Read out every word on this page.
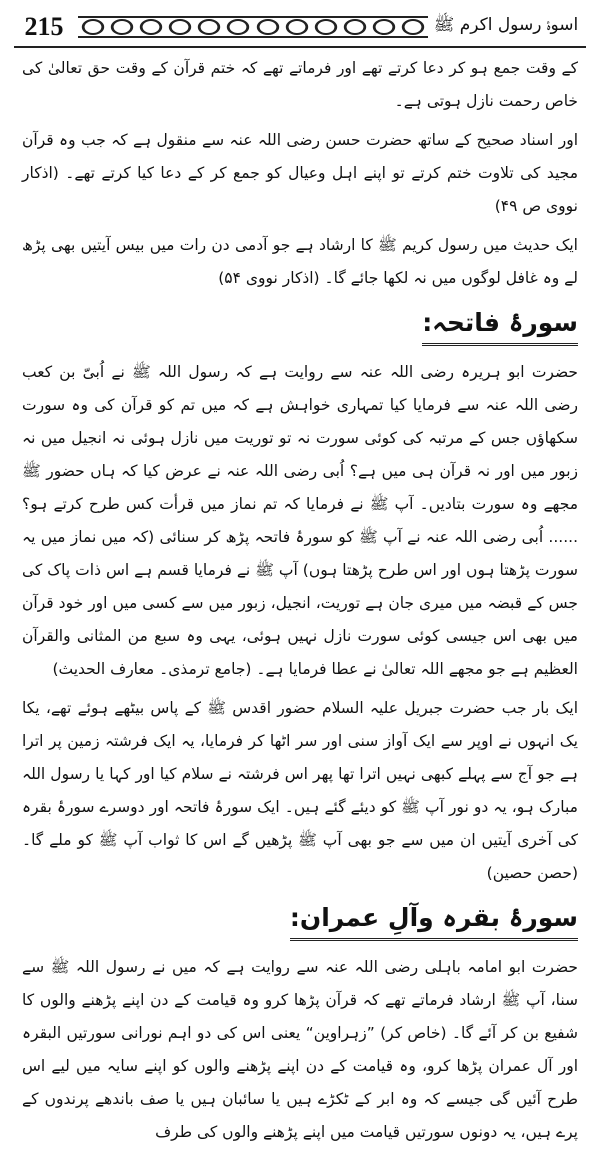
215	اسوۂ رسول اکرم ﷺ

کے وقت جمع ہو کر دعا کرتے تھے اور فرماتے تھے کہ ختم قرآن کے وقت حق تعالیٰ کی خاص رحمت نازل ہوتی ہے۔

اور اسناد صحیح کے ساتھ حضرت حسن رضی اللہ عنہ سے منقول ہے کہ جب وہ قرآن مجید کی تلاوت ختم کرتے تو اپنے اہل وعیال کو جمع کر کے دعا کیا کرتے تھے۔ (اذکار نووی ص ۴۹)

ایک حدیث میں رسول کریم ﷺ کا ارشاد ہے جو آدمی دن رات میں بیس آیتیں بھی پڑھ لے وہ غافل لوگوں میں نہ لکھا جائے گا۔ (اذکار نووی ۵۴)

سورۂ فاتحہ:

حضرت ابو ہریرہ رضی اللہ عنہ سے روایت ہے کہ رسول اللہ ﷺ نے اُبیّ بن کعب رضی اللہ عنہ سے فرمایا کیا تمہاری خواہش ہے کہ میں تم کو قرآن کی وہ سورت سکھاؤں جس کے مرتبہ کی کوئی سورت نہ تو توریت میں نازل ہوئی نہ انجیل میں نہ زبور میں اور نہ قرآن ہی میں ہے؟ اُبی رضی اللہ عنہ نے عرض کیا کہ ہاں حضور ﷺ مجھے وہ سورت بتادیں۔ آپ ﷺ نے فرمایا کہ تم نماز میں قرأت کس طرح کرتے ہو؟ ...... اُبی رضی اللہ عنہ نے آپ ﷺ کو سورۂ فاتحہ پڑھ کر سنائی (کہ میں نماز میں یہ سورت پڑھتا ہوں اور اس طرح پڑھتا ہوں) آپ ﷺ نے فرمایا قسم ہے اس ذات پاک کی جس کے قبضہ میں میری جان ہے توریت، انجیل، زبور میں سے کسی میں اور خود قرآن میں بھی اس جیسی کوئی سورت نازل نہیں ہوئی، یہی وہ سبع من المثانی والقرآن العظیم ہے جو مجھے اللہ تعالیٰ نے عطا فرمایا ہے۔ (جامع ترمذی۔ معارف الحدیث)

ایک بار جب حضرت جبریل علیہ السلام حضور اقدس ﷺ کے پاس بیٹھے ہوئے تھے، یکا یک انہوں نے اوپر سے ایک آواز سنی اور سر اٹھا کر فرمایا، یہ ایک فرشتہ زمین پر اترا ہے جو آج سے پہلے کبھی نہیں اترا تھا پھر اس فرشتہ نے سلام کیا اور کہا یا رسول اللہ مبارک ہو، یہ دو نور آپ ﷺ کو دیئے گئے ہیں۔ ایک سورۂ فاتحہ اور دوسرے سورۂ بقرہ کی آخری آیتیں ان میں سے جو بھی آپ ﷺ پڑھیں گے اس کا ثواب آپ ﷺ کو ملے گا۔ (حصن حصین)

سورۂ بقرہ وآلِ عمران:

حضرت ابو امامہ باہلی رضی اللہ عنہ سے روایت ہے کہ میں نے رسول اللہ ﷺ سے سنا، آپ ﷺ ارشاد فرماتے تھے کہ قرآن پڑھا کرو وہ قیامت کے دن اپنے پڑھنے والوں کا شفیع بن کر آئے گا۔ (خاص کر) ”زہراوین“ یعنی اس کی دو اہم نورانی سورتیں البقرہ اور آل عمران پڑھا کرو، وہ قیامت کے دن اپنے پڑھنے والوں کو اپنے سایہ میں لیے اس طرح آئیں گی جیسے کہ وہ ابر کے ٹکڑے ہیں یا سائبان ہیں یا صف باندھے پرندوں کے پرے ہیں، یہ دونوں سورتیں قیامت میں اپنے پڑھنے والوں کی طرف
